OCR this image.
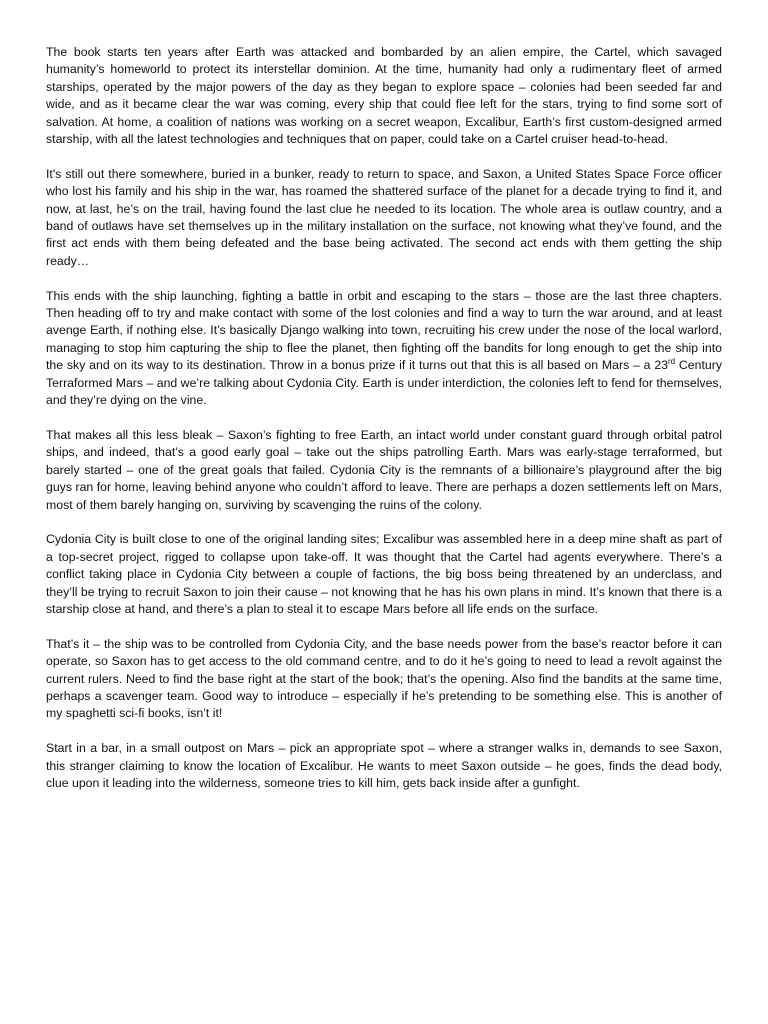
The book starts ten years after Earth was attacked and bombarded by an alien empire, the Cartel, which savaged humanity’s homeworld to protect its interstellar dominion. At the time, humanity had only a rudimentary fleet of armed starships, operated by the major powers of the day as they began to explore space – colonies had been seeded far and wide, and as it became clear the war was coming, every ship that could flee left for the stars, trying to find some sort of salvation. At home, a coalition of nations was working on a secret weapon, Excalibur, Earth’s first custom-designed armed starship, with all the latest technologies and techniques that on paper, could take on a Cartel cruiser head-to-head.

It's still out there somewhere, buried in a bunker, ready to return to space, and Saxon, a United States Space Force officer who lost his family and his ship in the war, has roamed the shattered surface of the planet for a decade trying to find it, and now, at last, he’s on the trail, having found the last clue he needed to its location. The whole area is outlaw country, and a band of outlaws have set themselves up in the military installation on the surface, not knowing what they’ve found, and the first act ends with them being defeated and the base being activated. The second act ends with them getting the ship ready…

This ends with the ship launching, fighting a battle in orbit and escaping to the stars – those are the last three chapters. Then heading off to try and make contact with some of the lost colonies and find a way to turn the war around, and at least avenge Earth, if nothing else. It’s basically Django walking into town, recruiting his crew under the nose of the local warlord, managing to stop him capturing the ship to flee the planet, then fighting off the bandits for long enough to get the ship into the sky and on its way to its destination. Throw in a bonus prize if it turns out that this is all based on Mars – a 23rd Century Terraformed Mars – and we’re talking about Cydonia City. Earth is under interdiction, the colonies left to fend for themselves, and they’re dying on the vine.

That makes all this less bleak – Saxon’s fighting to free Earth, an intact world under constant guard through orbital patrol ships, and indeed, that’s a good early goal – take out the ships patrolling Earth. Mars was early-stage terraformed, but barely started – one of the great goals that failed. Cydonia City is the remnants of a billionaire’s playground after the big guys ran for home, leaving behind anyone who couldn’t afford to leave. There are perhaps a dozen settlements left on Mars, most of them barely hanging on, surviving by scavenging the ruins of the colony.

Cydonia City is built close to one of the original landing sites; Excalibur was assembled here in a deep mine shaft as part of a top-secret project, rigged to collapse upon take-off. It was thought that the Cartel had agents everywhere. There’s a conflict taking place in Cydonia City between a couple of factions, the big boss being threatened by an underclass, and they’ll be trying to recruit Saxon to join their cause – not knowing that he has his own plans in mind. It’s known that there is a starship close at hand, and there’s a plan to steal it to escape Mars before all life ends on the surface.

That’s it – the ship was to be controlled from Cydonia City, and the base needs power from the base’s reactor before it can operate, so Saxon has to get access to the old command centre, and to do it he’s going to need to lead a revolt against the current rulers. Need to find the base right at the start of the book; that’s the opening. Also find the bandits at the same time, perhaps a scavenger team. Good way to introduce – especially if he’s pretending to be something else. This is another of my spaghetti sci-fi books, isn’t it!

Start in a bar, in a small outpost on Mars – pick an appropriate spot – where a stranger walks in, demands to see Saxon, this stranger claiming to know the location of Excalibur. He wants to meet Saxon outside – he goes, finds the dead body, clue upon it leading into the wilderness, someone tries to kill him, gets back inside after a gunfight.
